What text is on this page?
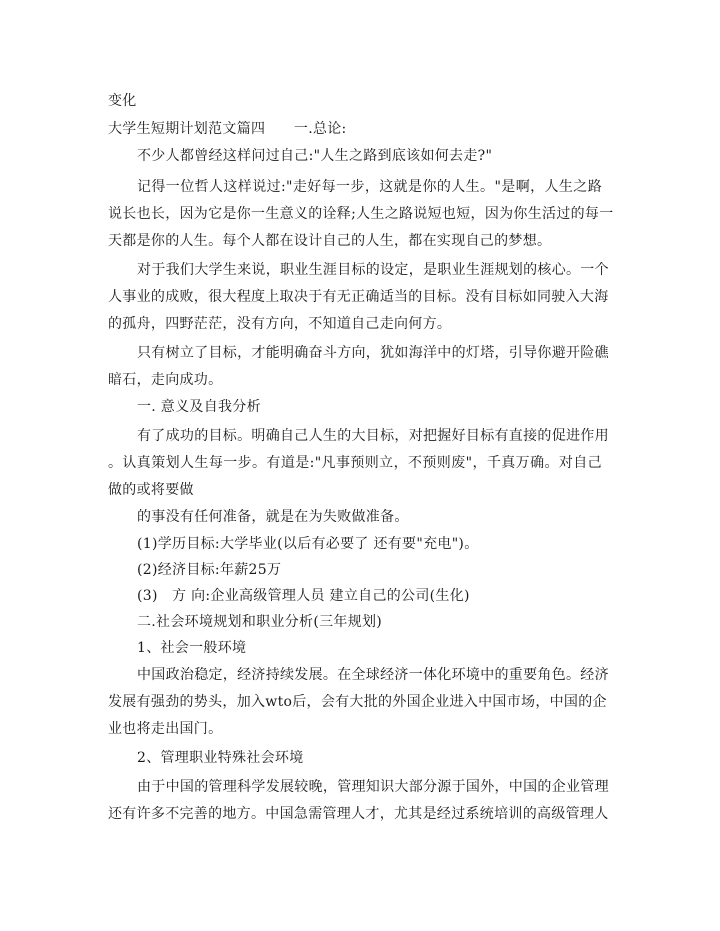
变化
大学生短期计划范文篇四　　一.总论:
不少人都曾经这样问过自己:"人生之路到底该如何去走?"
记得一位哲人这样说过:"走好每一步，这就是你的人生。"是啊，人生之路
说长也长，因为它是你一生意义的诠释;人生之路说短也短，因为你生活过的每一
天都是你的人生。每个人都在设计自己的人生，都在实现自己的梦想。
对于我们大学生来说，职业生涯目标的设定，是职业生涯规划的核心。一个
人事业的成败，很大程度上取决于有无正确适当的目标。没有目标如同驶入大海
的孤舟，四野茫茫，没有方向，不知道自己走向何方。
只有树立了目标，才能明确奋斗方向，犹如海洋中的灯塔，引导你避开险礁
暗石，走向成功。
一. 意义及自我分析
有了成功的目标。明确自己人生的大目标，对把握好目标有直接的促进作用
。认真策划人生每一步。有道是:"凡事预则立，不预则废"，千真万确。对自己
做的或将要做
的事没有任何准备，就是在为失败做准备。
(1)学历目标:大学毕业(以后有必要了 还有要"充电")。
(2)经济目标:年薪25万
(3)　方 向:企业高级管理人员 建立自己的公司(生化)
二.社会环境规划和职业分析(三年规划)
1、社会一般环境
中国政治稳定，经济持续发展。在全球经济一体化环境中的重要角色。经济
发展有强劲的势头，加入wto后，会有大批的外国企业进入中国市场，中国的企
业也将走出国门。
2、管理职业特殊社会环境
由于中国的管理科学发展较晚，管理知识大部分源于国外，中国的企业管理
还有许多不完善的地方。中国急需管理人才，尤其是经过系统培训的高级管理人
